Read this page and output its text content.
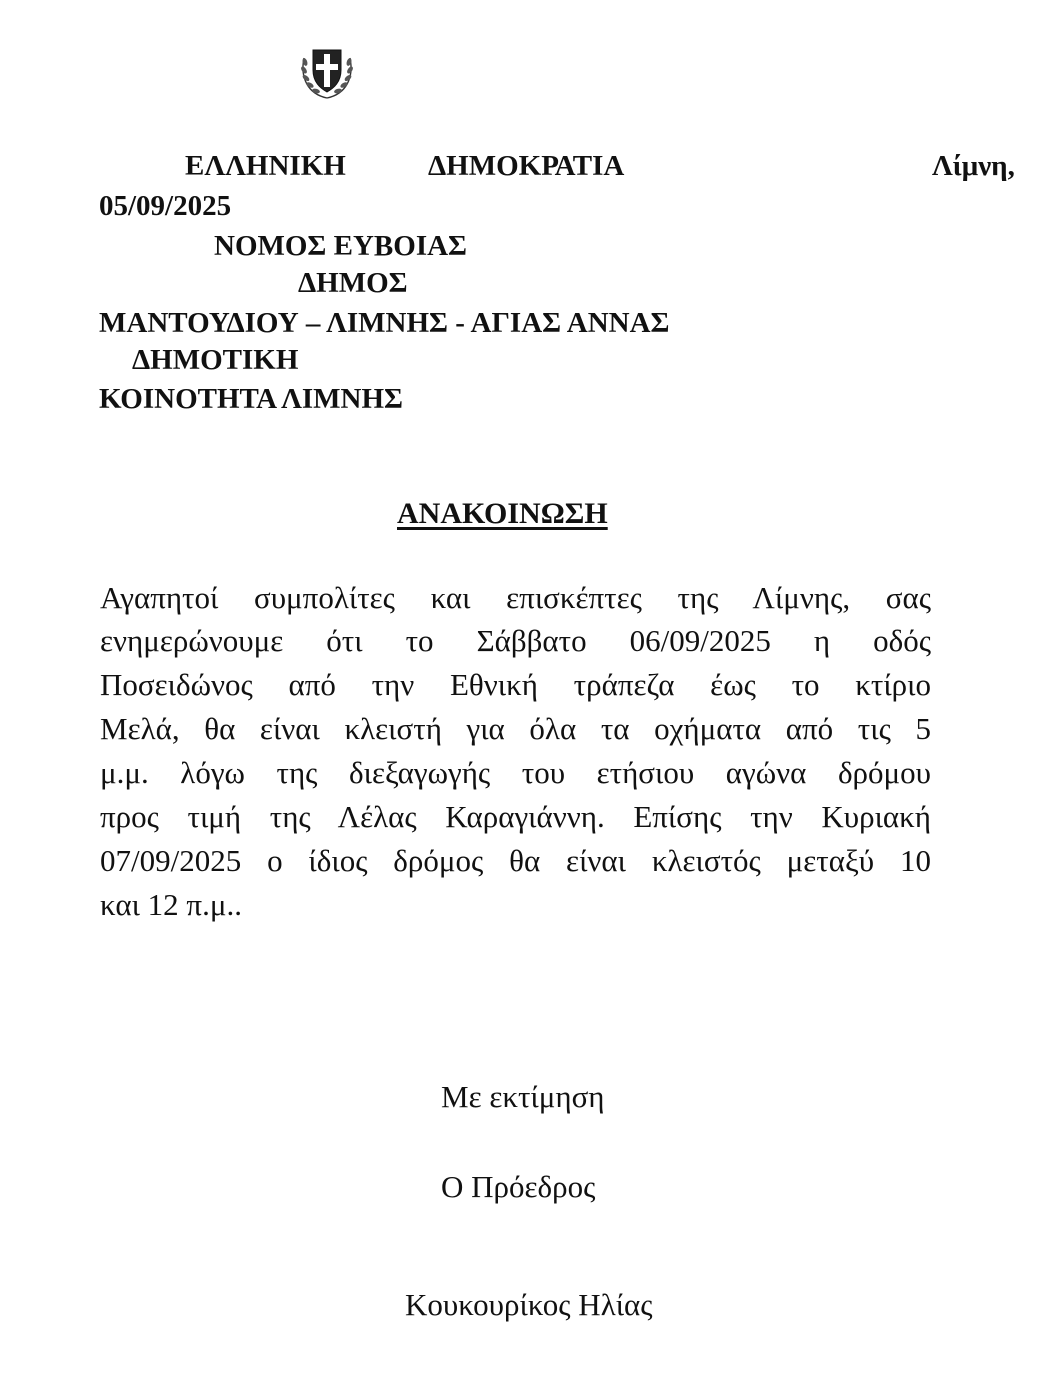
ΕΛΛΗΝΙΚΗ	ΔΗΜΟΚΡΑΤΙΑ	Λίμνη,
05/09/2025
ΝΟΜΟΣ ΕΥΒΟΙΑΣ
ΔΗΜΟΣ
ΜΑΝΤΟΥΔΙΟΥ – ΛΙΜΝΗΣ - ΑΓΙΑΣ ΑΝΝΑΣ
ΔΗΜΟΤΙΚΗ
ΚΟΙΝΟΤΗΤΑ ΛΙΜΝΗΣ
ΑΝΑΚΟΙΝΩΣΗ
Αγαπητοί συμπολίτες και επισκέπτες της Λίμνης, σας
ενημερώνουμε ότι το Σάββατο 06/09/2025 η οδός
Ποσειδώνος από την Εθνική τράπεζα έως το κτίριο
Μελά, θα είναι κλειστή για όλα τα οχήματα από τις 5
μ.μ. λόγω της διεξαγωγής του ετήσιου αγώνα δρόμου
προς τιμή της Λέλας Καραγιάννη. Επίσης την Κυριακή
07/09/2025 ο ίδιος δρόμος θα είναι κλειστός μεταξύ 10
και 12 π.μ..
Με εκτίμηση
Ο Πρόεδρος
Κουκουρίκος Ηλίας
